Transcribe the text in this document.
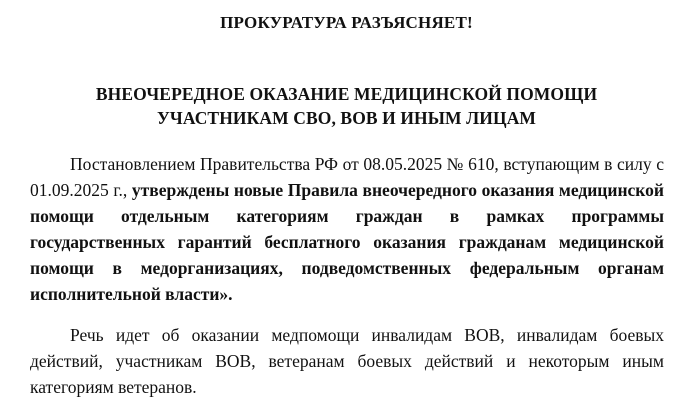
ПРОКУРАТУРА РАЗЪЯСНЯЕТ!
ВНЕОЧЕРЕДНОЕ ОКАЗАНИЕ МЕДИЦИНСКОЙ ПОМОЩИ
УЧАСТНИКАМ СВО, ВОВ И ИНЫМ ЛИЦАМ

Постановлением Правительства РФ от 08.05.2025 № 610, вступающим в силу с 01.09.2025 г., утверждены новые Правила внеочередного оказания медицинской помощи отдельным категориям граждан в рамках программы государственных гарантий бесплатного оказания гражданам медицинской помощи в медорганизациях, подведомственных федеральным органам исполнительной власти».

Речь идет об оказании медпомощи инвалидам ВОВ, инвалидам боевых действий, участникам ВОВ, ветеранам боевых действий и некоторым иным категориям ветеранов.
